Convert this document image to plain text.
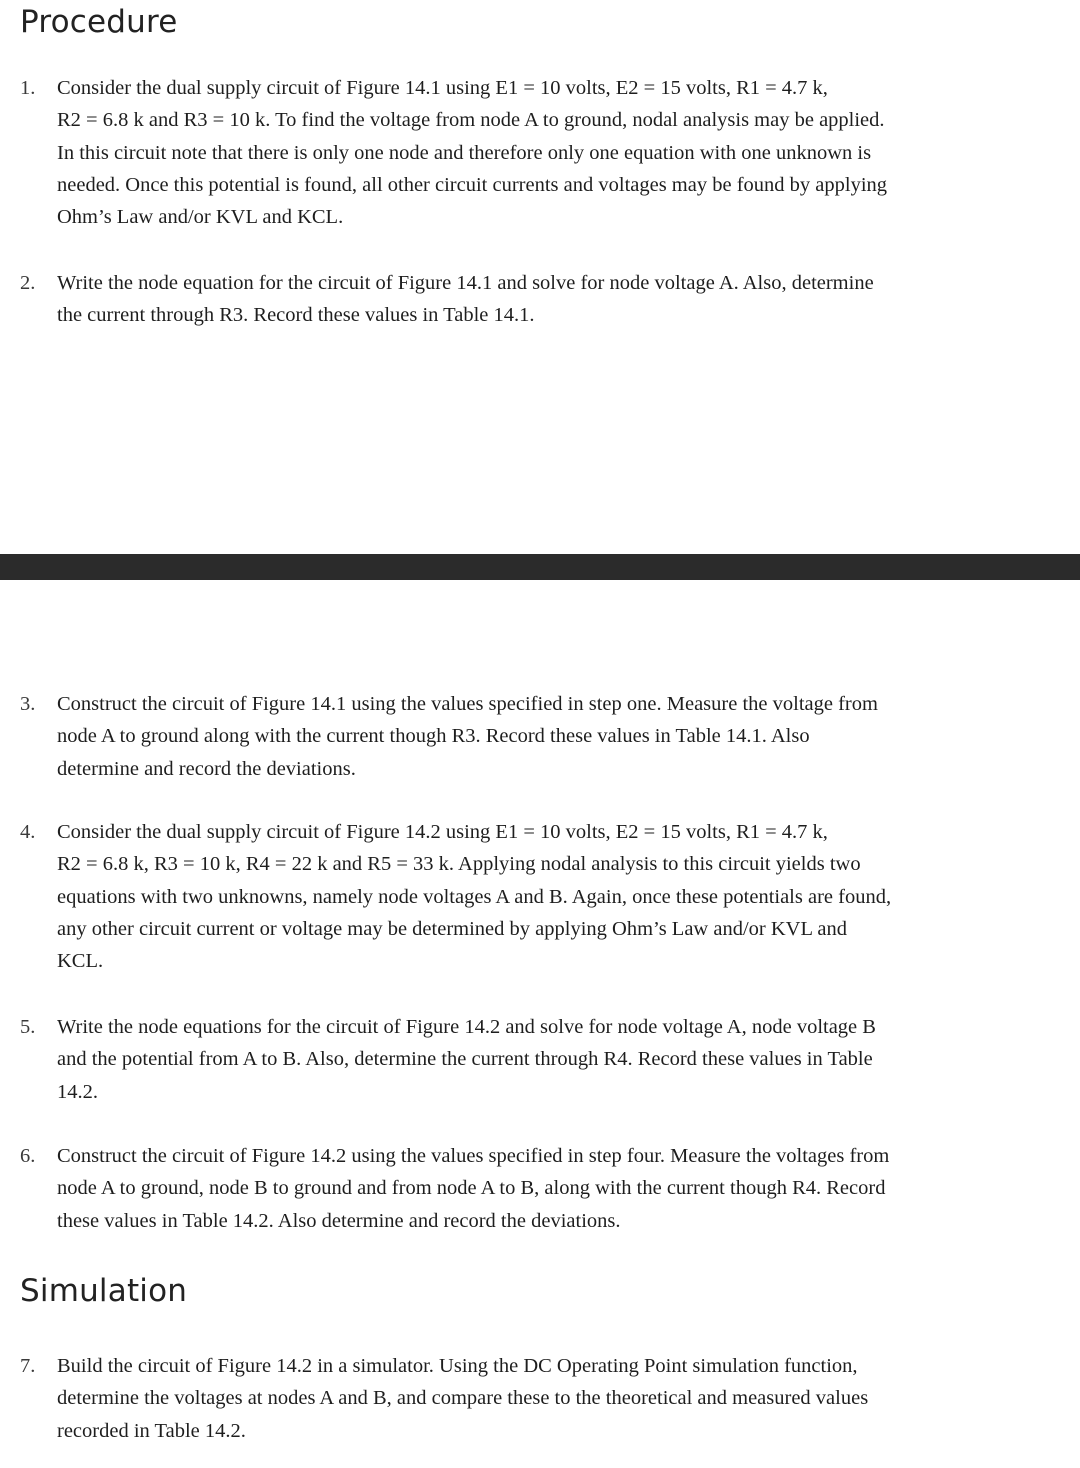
Procedure
1.	Consider the dual supply circuit of Figure 14.1 using E1 = 10 volts, E2 = 15 volts, R1 = 4.7 k,
R2 = 6.8 k and R3 = 10 k. To find the voltage from node A to ground, nodal analysis may be applied.
In this circuit note that there is only one node and therefore only one equation with one unknown is
needed. Once this potential is found, all other circuit currents and voltages may be found by applying
Ohm’s Law and/or KVL and KCL.
2.	Write the node equation for the circuit of Figure 14.1 and solve for node voltage A. Also, determine
the current through R3. Record these values in Table 14.1.
3.	Construct the circuit of Figure 14.1 using the values specified in step one. Measure the voltage from
node A to ground along with the current though R3. Record these values in Table 14.1. Also
determine and record the deviations.
4.	Consider the dual supply circuit of Figure 14.2 using E1 = 10 volts, E2 = 15 volts, R1 = 4.7 k,
R2 = 6.8 k, R3 = 10 k, R4 = 22 k and R5 = 33 k. Applying nodal analysis to this circuit yields two
equations with two unknowns, namely node voltages A and B. Again, once these potentials are found,
any other circuit current or voltage may be determined by applying Ohm’s Law and/or KVL and
KCL.
5.	Write the node equations for the circuit of Figure 14.2 and solve for node voltage A, node voltage B
and the potential from A to B. Also, determine the current through R4. Record these values in Table
14.2.
6.	Construct the circuit of Figure 14.2 using the values specified in step four. Measure the voltages from
node A to ground, node B to ground and from node A to B, along with the current though R4. Record
these values in Table 14.2. Also determine and record the deviations.
Simulation
7.	Build the circuit of Figure 14.2 in a simulator. Using the DC Operating Point simulation function,
determine the voltages at nodes A and B, and compare these to the theoretical and measured values
recorded in Table 14.2.
